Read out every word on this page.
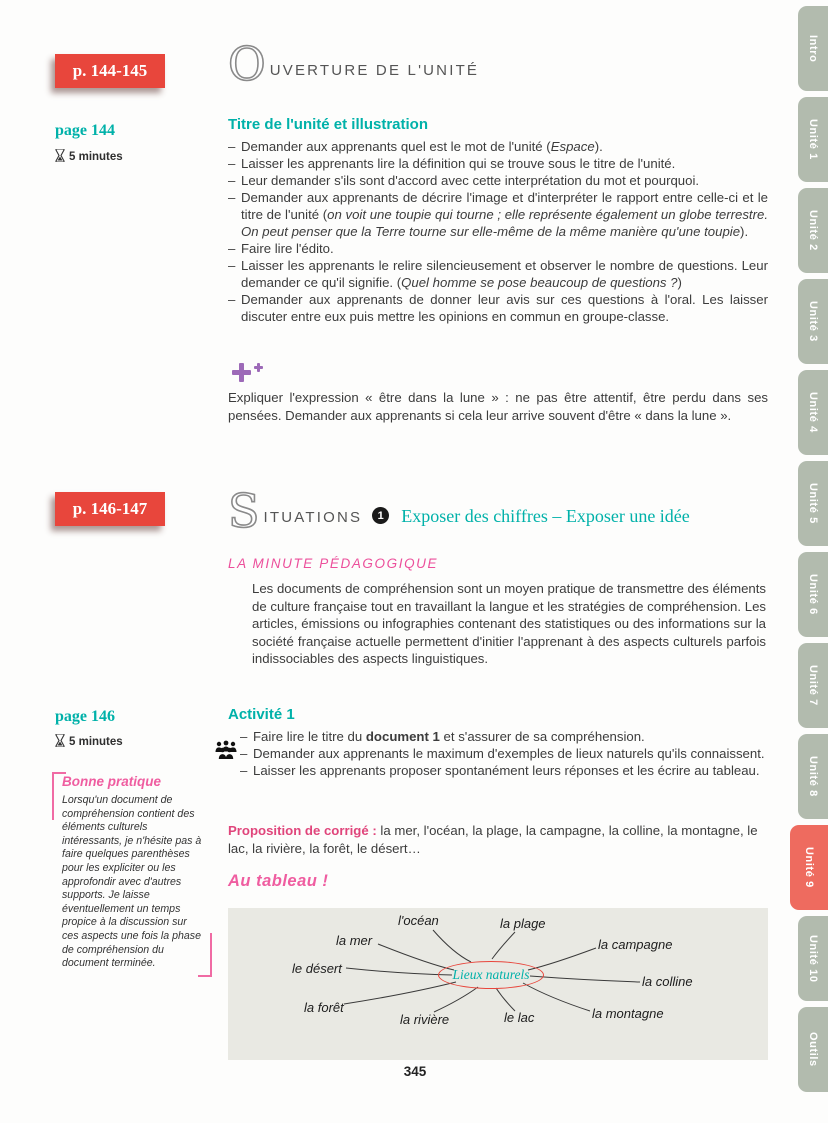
p. 144-145
page 144
5 minutes
p. 146-147
page 146
5 minutes
Bonne pratique
Lorsqu'un document de compréhension contient des éléments culturels intéressants, je n'hésite pas à faire quelques parenthèses pour les expliciter ou les approfondir avec d'autres supports. Je laisse éventuellement un temps propice à la discussion sur ces aspects une fois la phase de compréhension du document terminée.
O UVERTURE DE L'UNITÉ
Titre de l'unité et illustration
– Demander aux apprenants quel est le mot de l'unité (Espace).
– Laisser les apprenants lire la définition qui se trouve sous le titre de l'unité.
– Leur demander s'ils sont d'accord avec cette interprétation du mot et pourquoi.
– Demander aux apprenants de décrire l'image et d'interpréter le rapport entre celle-ci et le titre de l'unité (on voit une toupie qui tourne ; elle représente également un globe terrestre. On peut penser que la Terre tourne sur elle-même de la même manière qu'une toupie).
– Faire lire l'édito.
– Laisser les apprenants le relire silencieusement et observer le nombre de questions. Leur demander ce qu'il signifie. (Quel homme se pose beaucoup de questions ?)
– Demander aux apprenants de donner leur avis sur ces questions à l'oral. Les laisser discuter entre eux puis mettre les opinions en commun en groupe-classe.
Expliquer l'expression « être dans la lune » : ne pas être attentif, être perdu dans ses pensées. Demander aux apprenants si cela leur arrive souvent d'être « dans la lune ».
S ITUATIONS	1 Exposer des chiffres – Exposer une idée
LA MINUTE PÉDAGOGIQUE
Les documents de compréhension sont un moyen pratique de transmettre des éléments de culture française tout en travaillant la langue et les stratégies de compréhension. Les articles, émissions ou infographies contenant des statistiques ou des informations sur la société française actuelle permettent d'initier l'apprenant à des aspects culturels parfois indissociables des aspects linguistiques.
Activité 1
– Faire lire le titre du document 1 et s'assurer de sa compréhension.
– Demander aux apprenants le maximum d'exemples de lieux naturels qu'ils connaissent.
– Laisser les apprenants proposer spontanément leurs réponses et les écrire au tableau.
Proposition de corrigé : la mer, l'océan, la plage, la campagne, la colline, la montagne, le lac, la rivière, la forêt, le désert…
Au tableau !
l'océan	la plage
la mer	la campagne
le désert
la colline
la forêt	la montagne
la rivière	le lac
Lieux naturels
345
Intro
Unité 1
Unité 2
Unité 3
Unité 4
Unité 5
Unité 6
Unité 7
Unité 8
Unité 9
Unité 10
Outils
